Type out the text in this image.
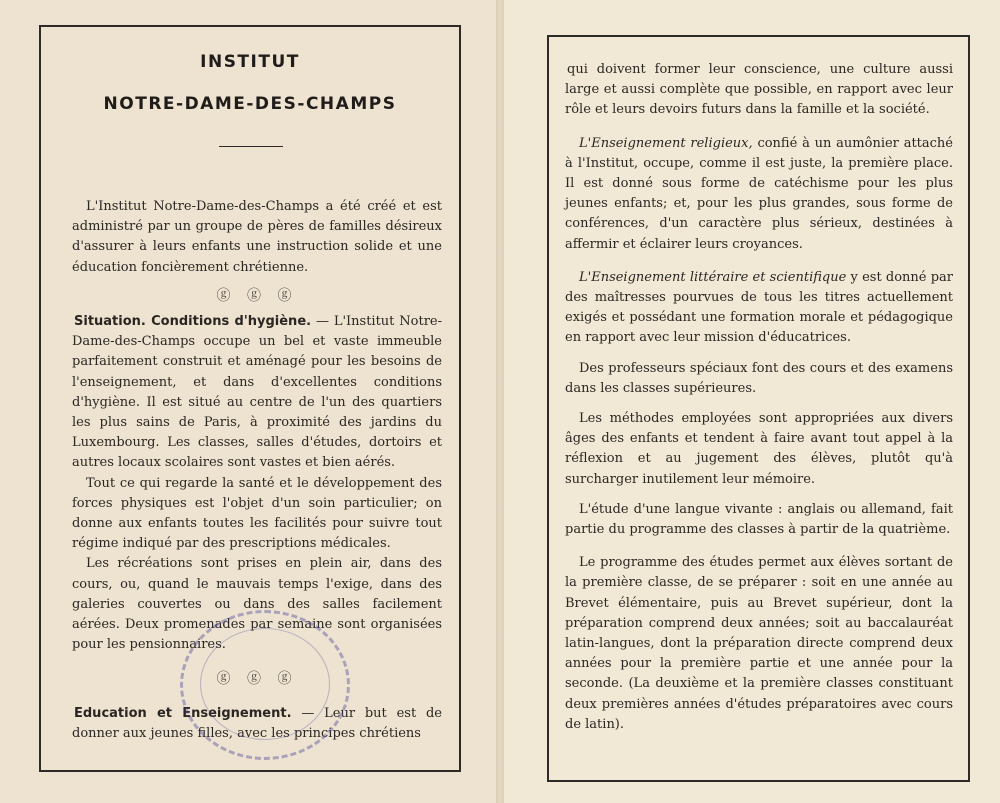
INSTITUT
NOTRE-DAME-DES-CHAMPS

L'Institut Notre-Dame-des-Champs a été créé et est administré par un groupe de pères de familles désireux d'assurer à leurs enfants une instruction solide et une éducation foncièrement chrétienne.

ⓖ ⓖ ⓖ

Situation. Conditions d'hygiène. — L'Institut Notre-Dame-des-Champs occupe un bel et vaste immeuble parfaitement construit et aménagé pour les besoins de l'enseignement, et dans d'excellentes conditions d'hygiène. Il est situé au centre de l'un des quartiers les plus sains de Paris, à proximité des jardins du Luxembourg. Les classes, salles d'études, dortoirs et autres locaux scolaires sont vastes et bien aérés.

Tout ce qui regarde la santé et le développement des forces physiques est l'objet d'un soin particulier; on donne aux enfants toutes les facilités pour suivre tout régime indiqué par des prescriptions médicales.

Les récréations sont prises en plein air, dans des cours, ou, quand le mauvais temps l'exige, dans des galeries couvertes ou dans des salles facilement aérées. Deux promenades par semaine sont organisées pour les pensionnaires.

ⓖ ⓖ ⓖ

Education et Enseignement. — Leur but est de donner aux jeunes filles, avec les principes chrétiens

qui doivent former leur conscience, une culture aussi large et aussi complète que possible, en rapport avec leur rôle et leurs devoirs futurs dans la famille et la société.

L'Enseignement religieux, confié à un aumônier attaché à l'Institut, occupe, comme il est juste, la première place. Il est donné sous forme de catéchisme pour les plus jeunes enfants; et, pour les plus grandes, sous forme de conférences, d'un caractère plus sérieux, destinées à affermir et éclairer leurs croyances.

L'Enseignement littéraire et scientifique y est donné par des maîtresses pourvues de tous les titres actuellement exigés et possédant une formation morale et pédagogique en rapport avec leur mission d'éducatrices.

Des professeurs spéciaux font des cours et des examens dans les classes supérieures.

Les méthodes employées sont appropriées aux divers âges des enfants et tendent à faire avant tout appel à la réflexion et au jugement des élèves, plutôt qu'à surcharger inutilement leur mémoire.

L'étude d'une langue vivante : anglais ou allemand, fait partie du programme des classes à partir de la quatrième.

Le programme des études permet aux élèves sortant de la première classe, de se préparer : soit en une année au Brevet élémentaire, puis au Brevet supérieur, dont la préparation comprend deux années; soit au baccalauréat latin-langues, dont la préparation directe comprend deux années pour la première partie et une année pour la seconde. (La deuxième et la première classes constituant deux premières années d'études préparatoires avec cours de latin).
